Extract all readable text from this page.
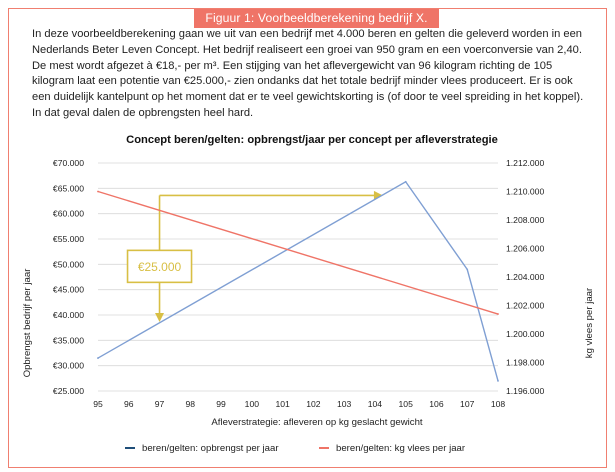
Figuur 1: Voorbeeldberekening bedrijf X.
In deze voorbeeldberekening gaan we uit van een bedrijf met 4.000 beren en gelten die geleverd worden in een Nederlands Beter Leven Concept. Het bedrijf realiseert een groei van 950 gram en een voerconversie van 2,40. De mest wordt afgezet à €18,- per m³. Een stijging van het aflevergewicht van 96 kilogram richting de 105 kilogram laat een potentie van €25.000,- zien ondanks dat het totale bedrijf minder vlees produceert. Er is ook een duidelijk kantelpunt op het moment dat er te veel gewichtskorting is (of door te veel spreiding in het koppel). In dat geval dalen de opbrengsten heel hard.
€25.000
€25.000
€30.000
€35.000
€40.000
€45.000
€50.000
€55.000
€60.000
€65.000
€70.000
1.196.000
1.198.000
1.200.000
1.202.000
1.204.000
1.206.000
1.208.000
1.210.000
1.212.000
95 96 97 98 99 100 101 102 103 104 105 106 107 108
Concept beren/gelten: opbrengst/jaar per concept per afleverstrategie
Opbrengst bedrijf per jaar	kg vlees per jaar
Afleverstrategie: afleveren op kg geslacht gewicht
beren/gelten: opbrengst per jaar	beren/gelten: kg vlees per jaar
